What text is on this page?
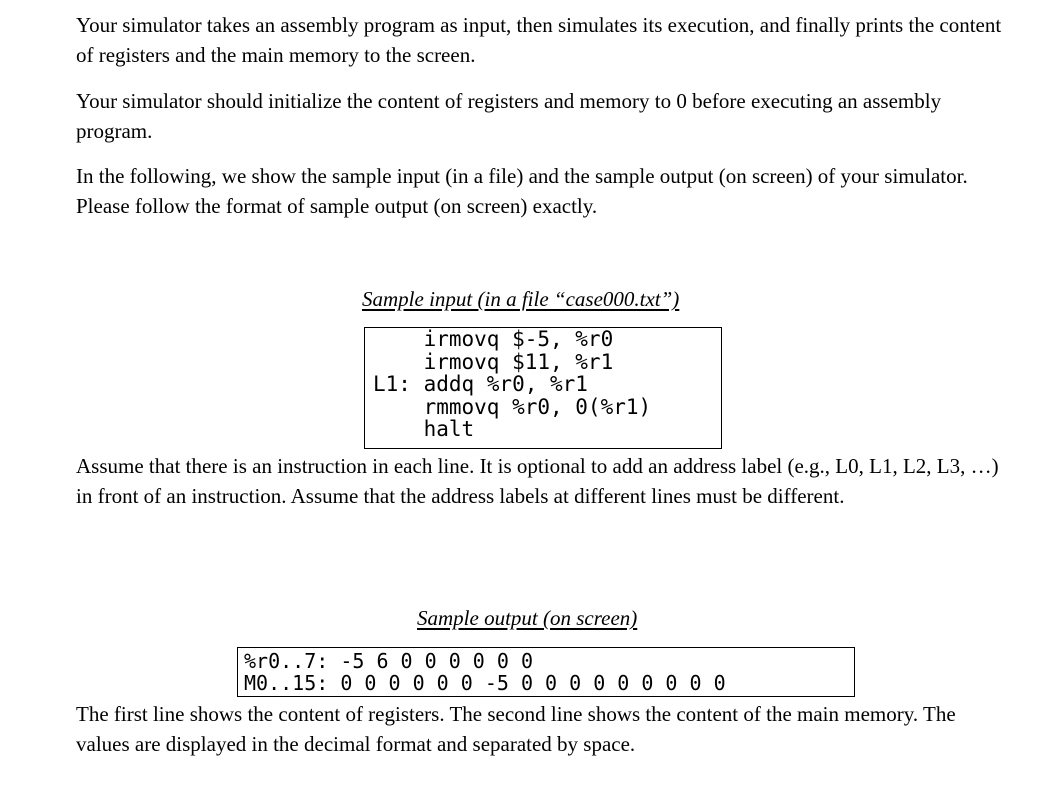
Your simulator takes an assembly program as input, then simulates its execution, and finally prints the content of registers and the main memory to the screen.

Your simulator should initialize the content of registers and memory to 0 before executing an assembly program.

In the following, we show the sample input (in a file) and the sample output (on screen) of your simulator. Please follow the format of sample output (on screen) exactly.

Sample input (in a file “case000.txt”)
irmovq $-5, %r0
irmovq $11, %r1
L1: addq %r0, %r1
rmmovq %r0, 0(%r1)
halt

Assume that there is an instruction in each line. It is optional to add an address label (e.g., L0, L1, L2, L3, …) in front of an instruction. Assume that the address labels at different lines must be different.

Sample output (on screen)
%r0..7: -5 6 0 0 0 0 0 0
M0..15: 0 0 0 0 0 0 -5 0 0 0 0 0 0 0 0 0

The first line shows the content of registers. The second line shows the content of the main memory. The values are displayed in the decimal format and separated by space.
